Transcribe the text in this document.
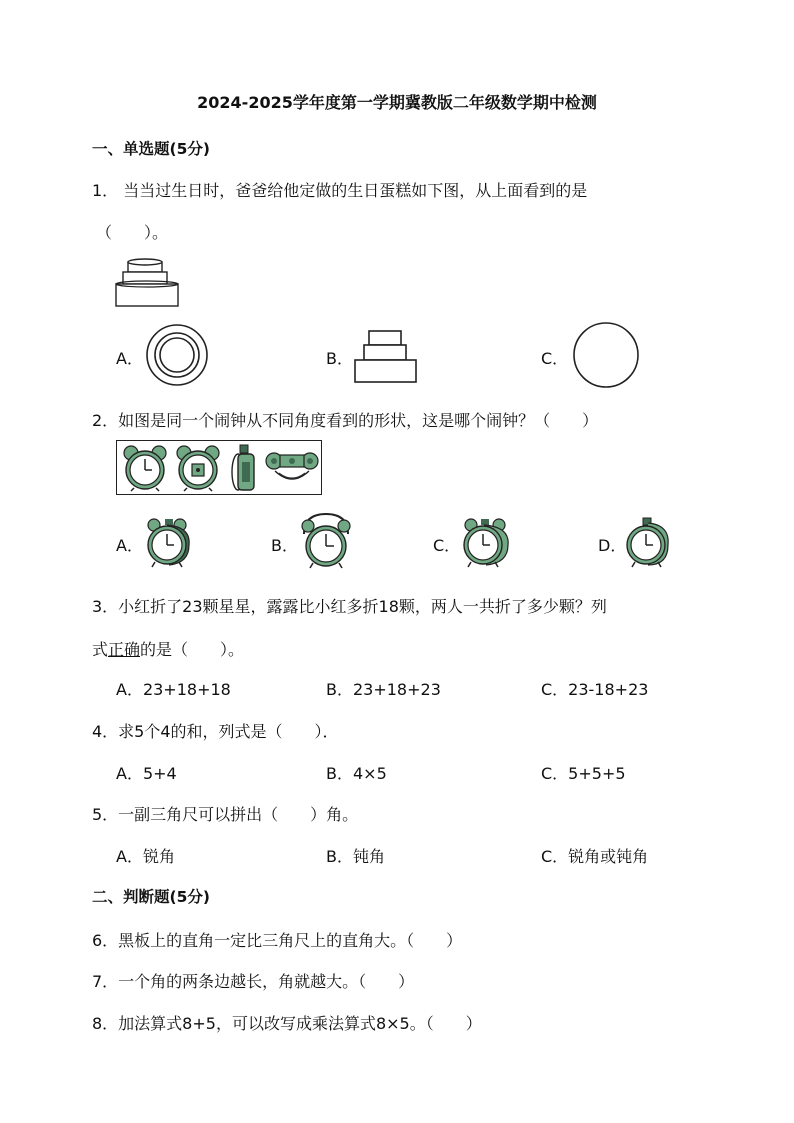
2024-2025学年度第一学期冀教版二年级数学期中检测
一、单选题(5分)
1． 当当过生日时，爸爸给他定做的生日蛋糕如下图，从上面看到的是
（　　）。
A．	B．	C．
2．如图是同一个闹钟从不同角度看到的形状，这是哪个闹钟？（　　）
A．	B．	C．	D．
3．小红折了23颗星星，露露比小红多折18颗，两人一共折了多少颗？列
式正确的是（　　）。
A．23+18+18	B．23+18+23	C．23-18+23
4．求5个4的和，列式是（　　）．
A．5+4	B．4×5	C．5+5+5
5．一副三角尺可以拼出（　　）角。
A．锐角	B．钝角	C．锐角或钝角
二、判断题(5分)
6．黑板上的直角一定比三角尺上的直角大。（　　）
7．一个角的两条边越长，角就越大。（　　）
8．加法算式8+5，可以改写成乘法算式8×5。（　　）
